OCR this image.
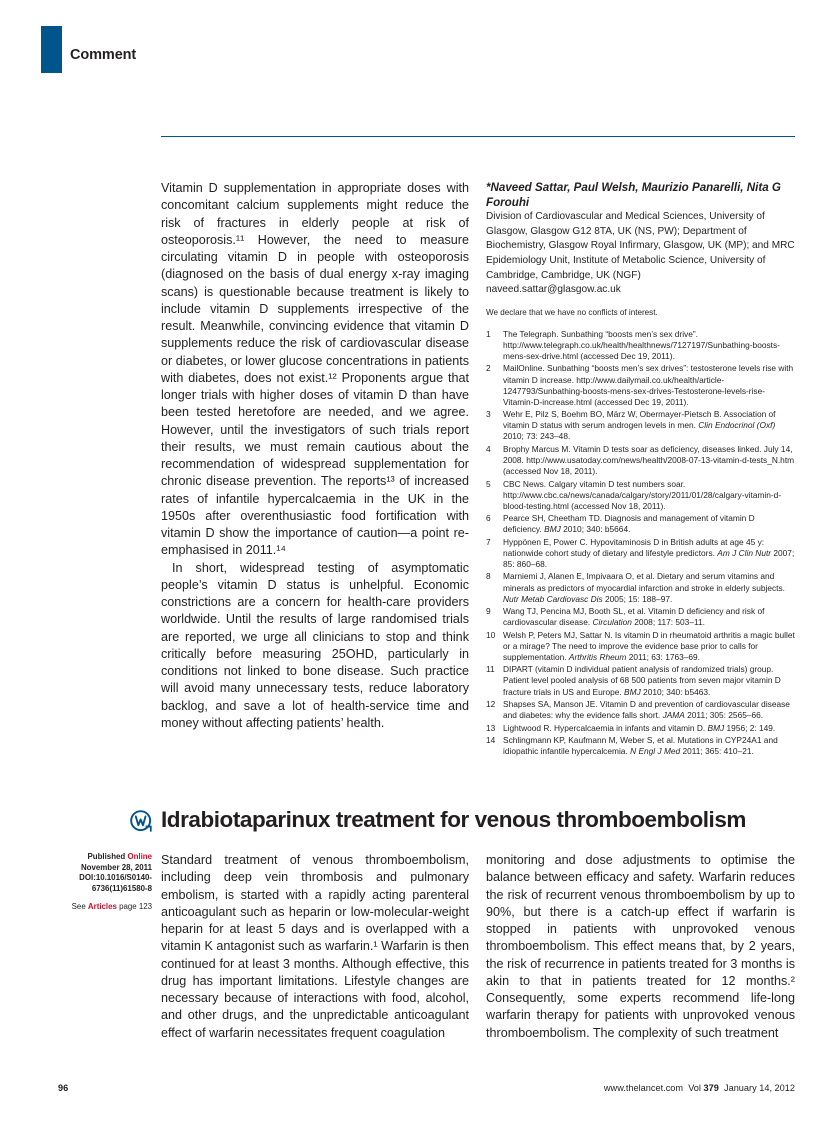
Comment

Vitamin D supplementation in appropriate doses with concomitant calcium supplements might reduce the risk of fractures in elderly people at risk of osteoporosis.¹¹ However, the need to measure circulating vitamin D in people with osteoporosis (diagnosed on the basis of dual energy x-ray imaging scans) is questionable because treatment is likely to include vitamin D supplements irrespective of the result. Meanwhile, convincing evidence that vitamin D supplements reduce the risk of cardiovascular disease or diabetes, or lower glucose concentrations in patients with diabetes, does not exist.¹² Proponents argue that longer trials with higher doses of vitamin D than have been tested heretofore are needed, and we agree. However, until the investigators of such trials report their results, we must remain cautious about the recommendation of widespread supplementation for chronic disease prevention. The reports¹³ of increased rates of infantile hypercalcaemia in the UK in the 1950s after overenthusiastic food fortification with vitamin D show the importance of caution—a point re-emphasised in 2011.¹⁴

In short, widespread testing of asymptomatic people’s vitamin D status is unhelpful. Economic constrictions are a concern for health-care providers worldwide. Until the results of large randomised trials are reported, we urge all clinicians to stop and think critically before measuring 25OHD, particularly in conditions not linked to bone disease. Such practice will avoid many unnecessary tests, reduce laboratory backlog, and save a lot of health-service time and money without affecting patients’ health.

*Naveed Sattar, Paul Welsh, Maurizio Panarelli, Nita G Forouhi

Division of Cardiovascular and Medical Sciences, University of Glasgow, Glasgow G12 8TA, UK (NS, PW); Department of Biochemistry, Glasgow Royal Infirmary, Glasgow, UK (MP); and MRC Epidemiology Unit, Institute of Metabolic Science, University of Cambridge, Cambridge, UK (NGF)

naveed.sattar@glasgow.ac.uk

We declare that we have no conflicts of interest.

1	The Telegraph. Sunbathing “boosts men’s sex drive”. http://www.telegraph.co.uk/health/healthnews/7127197/Sunbathing-boosts-mens-sex-drive.html (accessed Dec 19, 2011).
2	MailOnline. Sunbathing “boosts men’s sex drives”: testosterone levels rise with vitamin D increase. http://www.dailymail.co.uk/health/article-1247793/Sunbathing-boosts-mens-sex-drives-Testosterone-levels-rise-Vitamin-D-increase.html (accessed Dec 19, 2011).
3	Wehr E, Pilz S, Boehm BO, März W, Obermayer-Pietsch B. Association of vitamin D status with serum androgen levels in men. Clin Endocrinol (Oxf) 2010; 73: 243–48.
4	Brophy Marcus M. Vitamin D tests soar as deficiency, diseases linked. July 14, 2008. http://www.usatoday.com/news/health/2008-07-13-vitamin-d-tests_N.htm (accessed Nov 18, 2011).
5	CBC News. Calgary vitamin D test numbers soar. http://www.cbc.ca/news/canada/calgary/story/2011/01/28/calgary-vitamin-d-blood-testing.html (accessed Nov 18, 2011).
6	Pearce SH, Cheetham TD. Diagnosis and management of vitamin D deficiency. BMJ 2010; 340: b5664.
7	Hyppönen E, Power C. Hypovitaminosis D in British adults at age 45 y: nationwide cohort study of dietary and lifestyle predictors. Am J Clin Nutr 2007; 85: 860–68.
8	Marniemi J, Alanen E, Impivaara O, et al. Dietary and serum vitamins and minerals as predictors of myocardial infarction and stroke in elderly subjects. Nutr Metab Cardiovasc Dis 2005; 15: 188–97.
9	Wang TJ, Pencina MJ, Booth SL, et al. Vitamin D deficiency and risk of cardiovascular disease. Circulation 2008; 117: 503–11.
10 Welsh P, Peters MJ, Sattar N. Is vitamin D in rheumatoid arthritis a magic bullet or a mirage? The need to improve the evidence base prior to calls for supplementation. Arthritis Rheum 2011; 63: 1763–69.
11 DIPART (vitamin D individual patient analysis of randomized trials) group. Patient level pooled analysis of 68 500 patients from seven major vitamin D fracture trials in US and Europe. BMJ 2010; 340: b5463.
12 Shapses SA, Manson JE. Vitamin D and prevention of cardiovascular disease and diabetes: why the evidence falls short. JAMA 2011; 305: 2565–66.
13 Lightwood R. Hypercalcaemia in infants and vitamin D. BMJ 1956; 2: 149.
14 Schlingmann KP, Kaufmann M, Weber S, et al. Mutations in CYP24A1 and idiopathic infantile hypercalcemia. N Engl J Med 2011; 365: 410–21.
Idrabiotaparinux treatment for venous thromboembolism
Published Online
November 28, 2011
DOI:10.1016/S0140-
6736(11)61580-8
See Articles page 123

Standard treatment of venous thromboembolism, including deep vein thrombosis and pulmonary embolism, is started with a rapidly acting parenteral anticoagulant such as heparin or low-molecular-weight heparin for at least 5 days and is overlapped with a vitamin K antagonist such as warfarin.¹ Warfarin is then continued for at least 3 months. Although effective, this drug has important limitations. Lifestyle changes are necessary because of interactions with food, alcohol, and other drugs, and the unpredictable anticoagulant effect of warfarin necessitates frequent coagulation

monitoring and dose adjustments to optimise the balance between efficacy and safety. Warfarin reduces the risk of recurrent venous thromboembolism by up to 90%, but there is a catch-up effect if warfarin is stopped in patients with unprovoked venous thromboembolism. This effect means that, by 2 years, the risk of recurrence in patients treated for 3 months is akin to that in patients treated for 12 months.² Consequently, some experts recommend life-long warfarin therapy for patients with unprovoked venous thromboembolism. The complexity of such treatment

96	www.thelancet.com Vol 379 January 14, 2012
